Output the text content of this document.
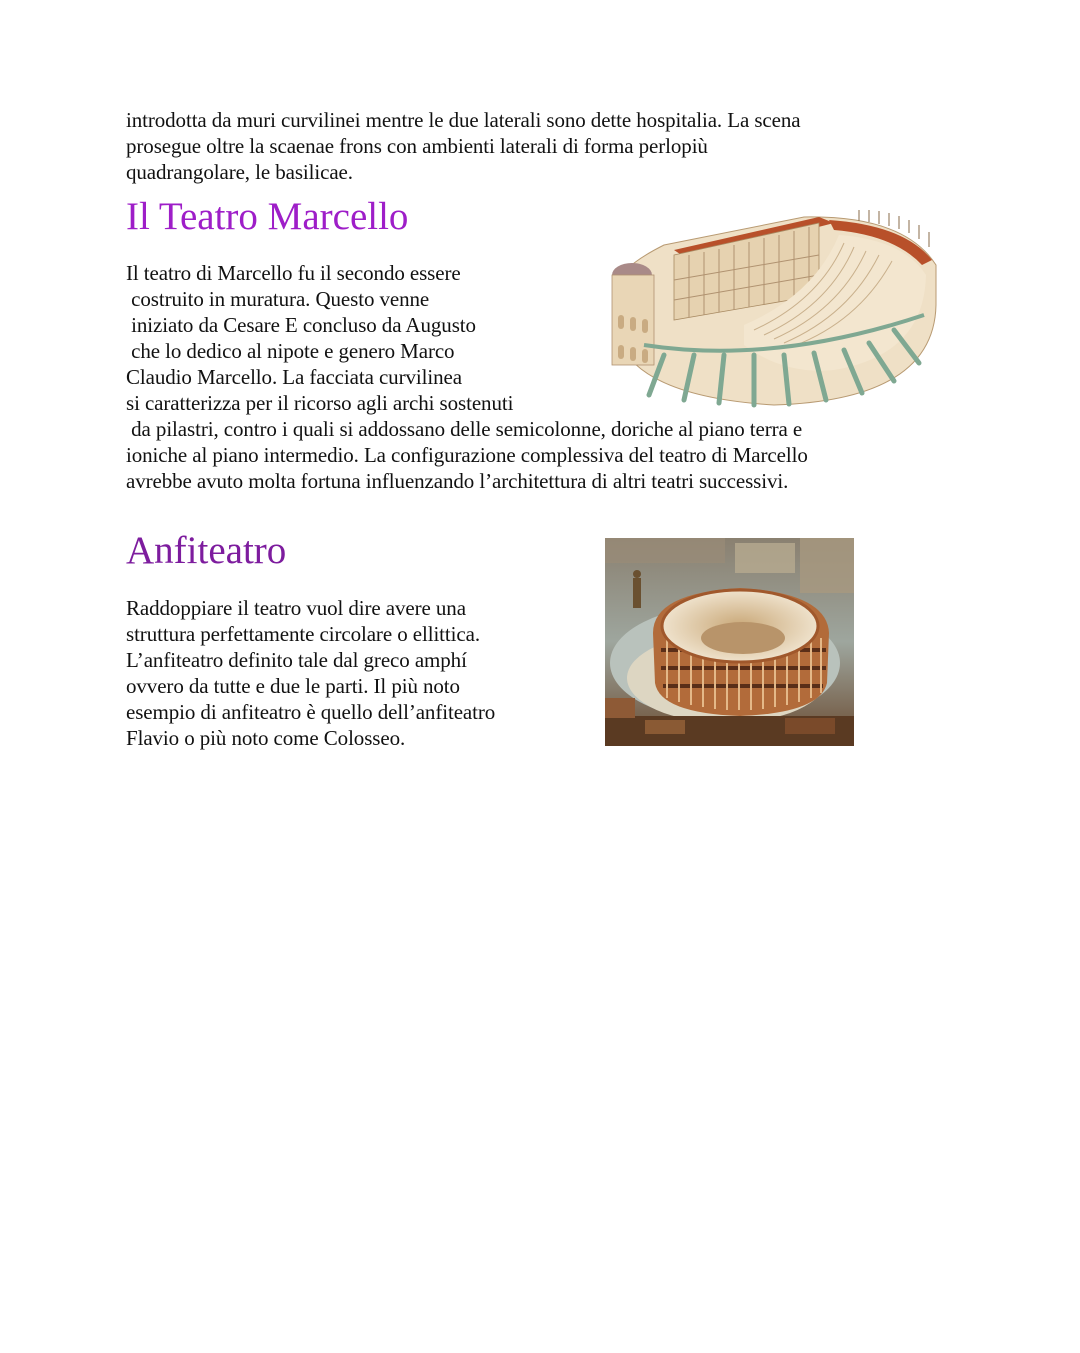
introdotta da muri curvilinei mentre le due laterali sono dette hospitalia. La scena
prosegue oltre la scaenae frons con ambienti laterali di forma perlopiù
quadrangolare, le basilicae.

Il Teatro Marcello

Il teatro di Marcello fu il secondo essere
costruito in muratura. Questo venne
iniziato da Cesare E concluso da Augusto
che lo dedico al nipote e genero Marco
Claudio Marcello. La facciata curvilinea
si caratterizza per il ricorso agli archi sostenuti
da pilastri, contro i quali si addossano delle semicolonne, doriche al piano terra e
ioniche al piano intermedio. La configurazione complessiva del teatro di Marcello
avrebbe avuto molta fortuna influenzando l’architettura di altri teatri successivi.

Anfiteatro

Raddoppiare il teatro vuol dire avere una
struttura perfettamente circolare o ellittica.
L’anfiteatro definito tale dal greco amphí
ovvero da tutte e due le parti. Il più noto
esempio di anfiteatro è quello dell’anfiteatro
Flavio o più noto come Colosseo.
